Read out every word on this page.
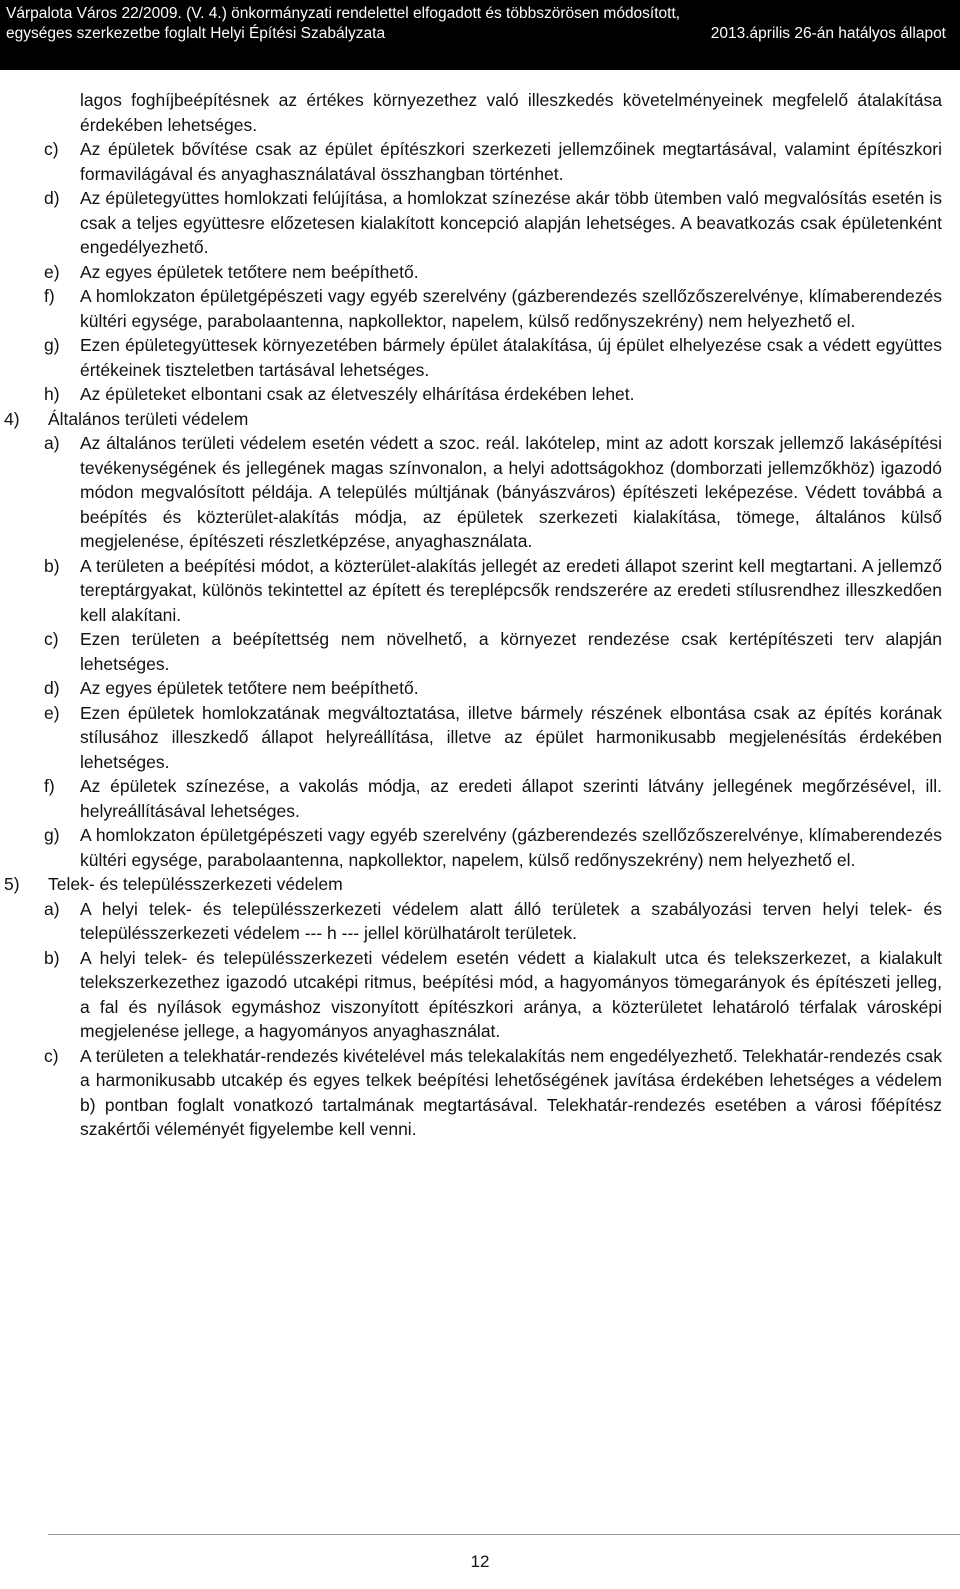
Várpalota Város 22/2009. (V. 4.) önkormányzati rendelettel elfogadott és többszörösen módosított,
egységes szerkezetbe foglalt Helyi Építési Szabályzata	2013.április 26-án hatályos állapot

lagos foghíjbeépítésnek az értékes környezethez való illeszkedés követelményeinek megfelelő átalakítása érdekében lehetséges.

c)	Az épületek bővítése csak az épület építészkori szerkezeti jellemzőinek megtartásával, valamint építészkori formavilágával és anyaghasználatával összhangban történhet.
d)	Az épületegyüttes homlokzati felújítása, a homlokzat színezése akár több ütemben való megvalósítás esetén is csak a teljes együttesre előzetesen kialakított koncepció alapján lehetséges. A beavatkozás csak épületenként engedélyezhető.
e)	Az egyes épületek tetőtere nem beépíthető.
f)	A homlokzaton épületgépészeti vagy egyéb szerelvény (gázberendezés szellőzőszerelvénye, klímaberendezés kültéri egysége, parabolaantenna, napkollektor, napelem, külső redőnyszekrény) nem helyezhető el.
g)	Ezen épületegyüttesek környezetében bármely épület átalakítása, új épület elhelyezése csak a védett együttes értékeinek tiszteletben tartásával lehetséges.
h)	Az épületeket elbontani csak az életveszély elhárítása érdekében lehet.
4)	Általános területi védelem
a)	Az általános területi védelem esetén védett a szoc. reál. lakótelep, mint az adott korszak jellemző lakásépítési tevékenységének és jellegének magas színvonalon, a helyi adottságokhoz (domborzati jellemzőkhöz) igazodó módon megvalósított példája. A település múltjának (bányászváros) építészeti leképezése. Védett továbbá a beépítés és közterület-alakítás módja, az épületek szerkezeti kialakítása, tömege, általános külső megjelenése, építészeti részletképzése, anyaghasználata.
b)	A területen a beépítési módot, a közterület-alakítás jellegét az eredeti állapot szerint kell megtartani. A jellemző tereptárgyakat, különös tekintettel az épített és tereplépcsők rendszerére az eredeti stílusrendhez illeszkedően kell alakítani.
c)	Ezen területen a beépítettség nem növelhető, a környezet rendezése csak kertépítészeti terv alapján lehetséges.
d)	Az egyes épületek tetőtere nem beépíthető.
e)	Ezen épületek homlokzatának megváltoztatása, illetve bármely részének elbontása csak az építés korának stílusához illeszkedő állapot helyreállítása, illetve az épület harmonikusabb megjelenésítás érdekében lehetséges.
f)	Az épületek színezése, a vakolás módja, az eredeti állapot szerinti látvány jellegének megőrzésével, ill. helyreállításával lehetséges.
g)	A homlokzaton épületgépészeti vagy egyéb szerelvény (gázberendezés szellőzőszerelvénye, klímaberendezés kültéri egysége, parabolaantenna, napkollektor, napelem, külső redőnyszekrény) nem helyezhető el.
5)	Telek- és településszerkezeti védelem
a)	A helyi telek- és településszerkezeti védelem alatt álló területek a szabályozási terven helyi telek- és településszerkezeti védelem --- h --- jellel körülhatárolt területek.
b)	A helyi telek- és településszerkezeti védelem esetén védett a kialakult utca és telekszerkezet, a kialakult telekszerkezethez igazodó utcaképi ritmus, beépítési mód, a hagyományos tömegarányok és építészeti jelleg, a fal és nyílások egymáshoz viszonyított építészkori aránya, a közterületet lehatároló térfalak városképi megjelenése jellege, a hagyományos anyaghasználat.
c)	A területen a telekhatár-rendezés kivételével más telekalakítás nem engedélyezhető. Telekhatár-rendezés csak a harmonikusabb utcakép és egyes telkek beépítési lehetőségének javítása érdekében lehetséges a védelem b) pontban foglalt vonatkozó tartalmának megtartásával. Telekhatár-rendezés esetében a városi főépítész szakértői véleményét figyelembe kell venni.
12
